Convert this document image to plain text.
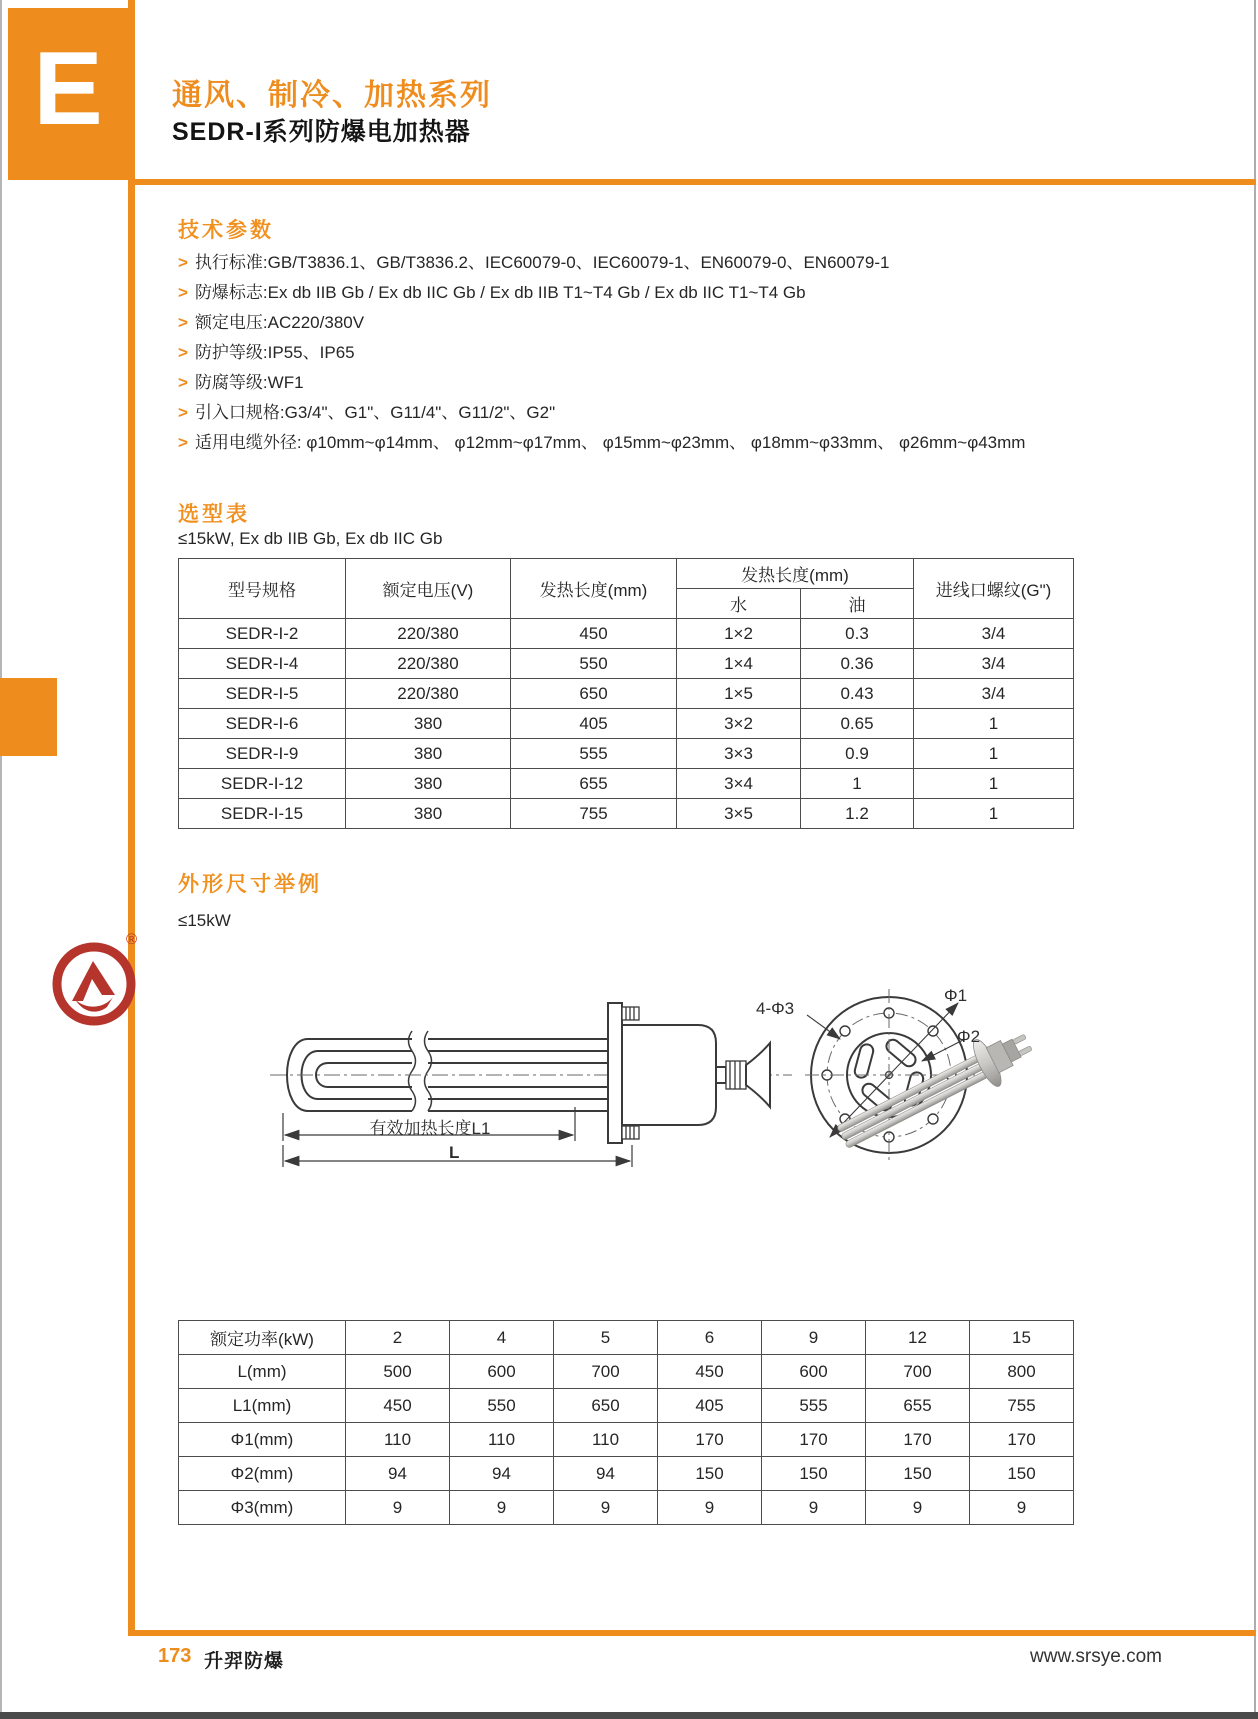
E 通风、制冷、加热系列
SEDR-I系列防爆电加热器
技术参数
> 执行标准:GB/T3836.1、GB/T3836.2、IEC60079-0、IEC60079-1、EN60079-0、EN60079-1
> 防爆标志:Ex db IIB Gb / Ex db IIC Gb / Ex db IIB T1~T4 Gb / Ex db IIC T1~T4 Gb
> 额定电压:AC220/380V
> 防护等级:IP55、IP65
> 防腐等级:WF1
> 引入口规格:G3/4"、G1"、G11/4"、G11/2"、G2"
> 适用电缆外径: φ10mm~φ14mm、 φ12mm~φ17mm、 φ15mm~φ23mm、 φ18mm~φ33mm、 φ26mm~φ43mm
选型表
≤15kW, Ex db IIB Gb, Ex db IIC Gb
型号规格	额定电压(V)	发热长度(mm)	发热长度(mm)		进线口螺纹(G")
			水	油	
SEDR-I-2	220/380	450	1×2	0.3	3/4
SEDR-I-4	220/380	550	1×4	0.36	3/4
SEDR-I-5	220/380	650	1×5	0.43	3/4
SEDR-I-6	380	405	3×2	0.65	1
SEDR-I-9	380	555	3×3	0.9	1
SEDR-I-12	380	655	3×4	1	1
SEDR-I-15	380	755	3×5	1.2	1
外形尺寸举例
≤15kW
®
有效加热长度L1
L
4-Φ3
Φ1
Φ2
额定功率(kW)	2	4	5	6	9	12	15
L(mm)	500	600	700	450	600	700	800
L1(mm)	450	550	650	405	555	655	755
Φ1(mm)	110	110	110	170	170	170	170
Φ2(mm)	94	94	94	150	150	150	150
Φ3(mm)	9	9	9	9	9	9	9
173 升羿防爆	www.srsye.com
